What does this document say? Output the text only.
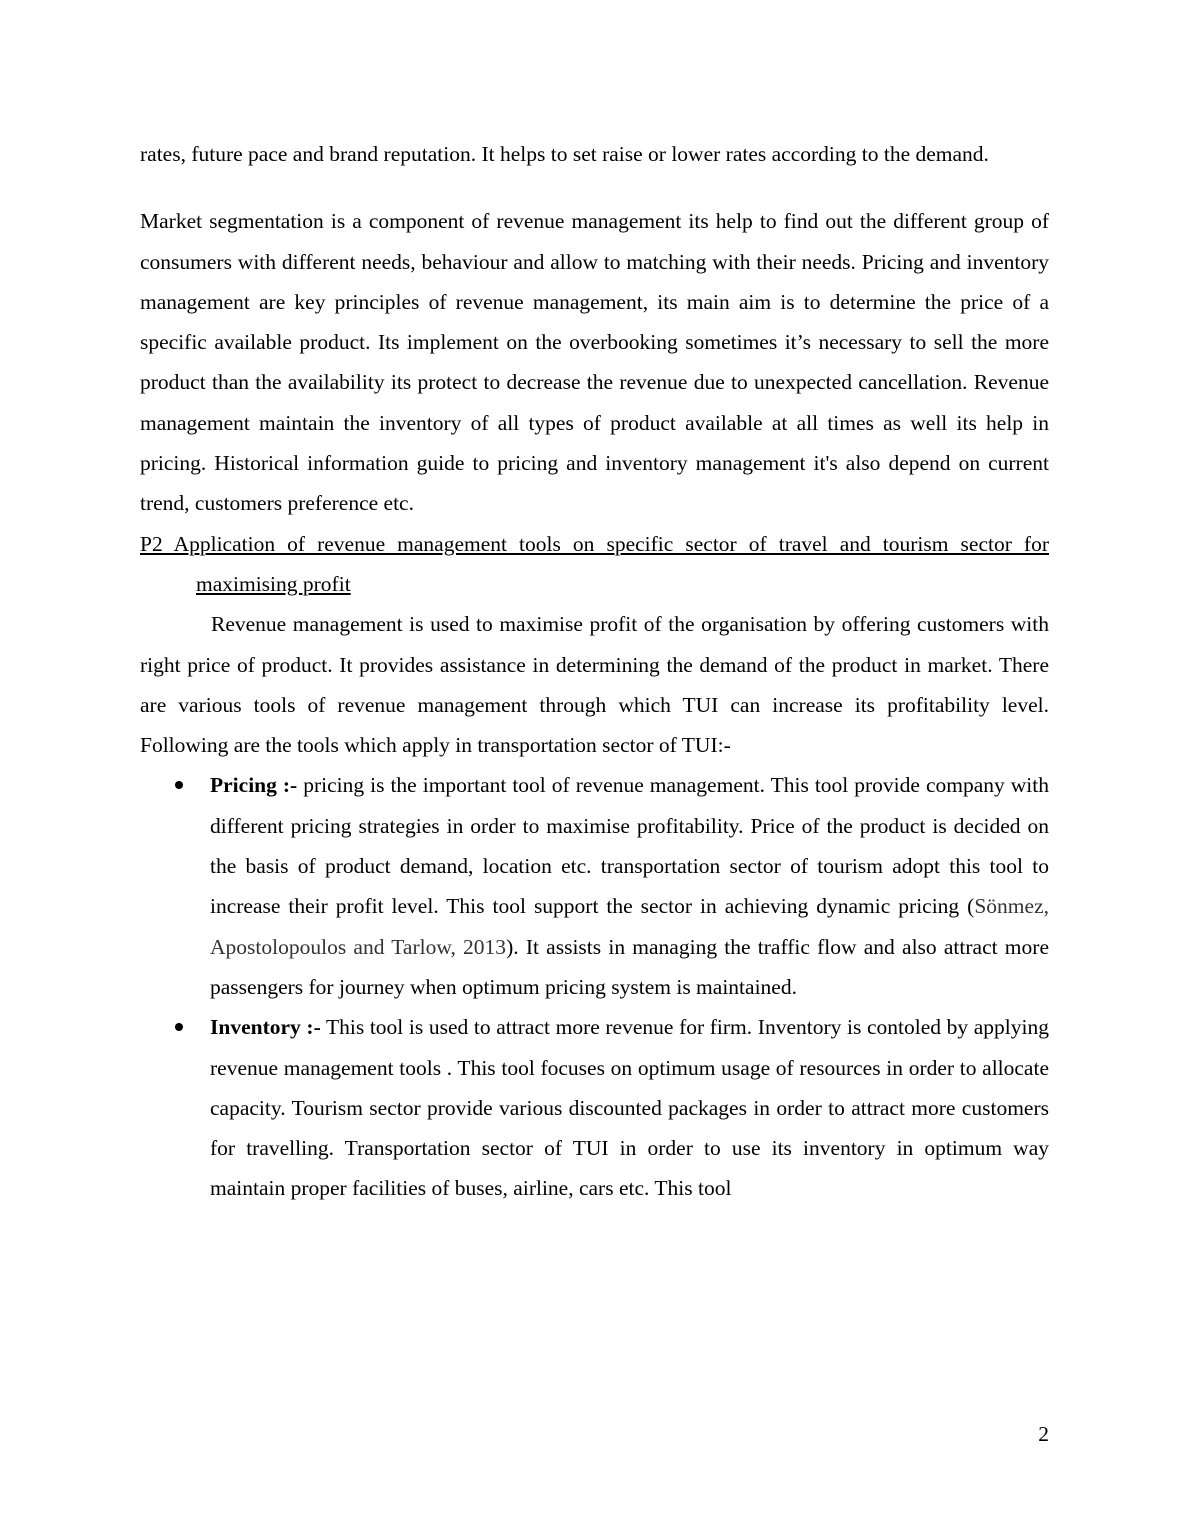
rates, future pace and brand reputation. It helps to set raise or lower rates according to the demand.

Market segmentation is a component of revenue management its help to find out the different group of consumers with different needs, behaviour and allow to matching with their needs. Pricing and inventory management are key principles of revenue management, its main aim is to determine the price of a specific available product. Its implement on the overbooking sometimes it’s necessary to sell the more product than the availability its protect to decrease the revenue due to unexpected cancellation. Revenue management maintain the inventory of all types of product available at all times as well its help in pricing. Historical information guide to pricing and inventory management it's also depend on current trend, customers preference etc.

P2 Application of revenue management tools on specific sector of travel and tourism sector for maximising profit

Revenue management is used to maximise profit of the organisation by offering customers with right price of product. It provides assistance in determining the demand of the product in market. There are various tools of revenue management through which TUI can increase its profitability level. Following are the tools which apply in transportation sector of TUI:-

Pricing :- pricing is the important tool of revenue management. This tool provide company with different pricing strategies in order to maximise profitability. Price of the product is decided on the basis of product demand, location etc. transportation sector of tourism adopt this tool to increase their profit level. This tool support the sector in achieving dynamic pricing (Sönmez, Apostolopoulos and Tarlow, 2013). It assists in managing the traffic flow and also attract more passengers for journey when optimum pricing system is maintained.
Inventory :- This tool is used to attract more revenue for firm. Inventory is contoled by applying revenue management tools . This tool focuses on optimum usage of resources in order to allocate capacity. Tourism sector provide various discounted packages in order to attract more customers for travelling. Transportation sector of TUI in order to use its inventory in optimum way maintain proper facilities of buses, airline, cars etc. This tool
2
